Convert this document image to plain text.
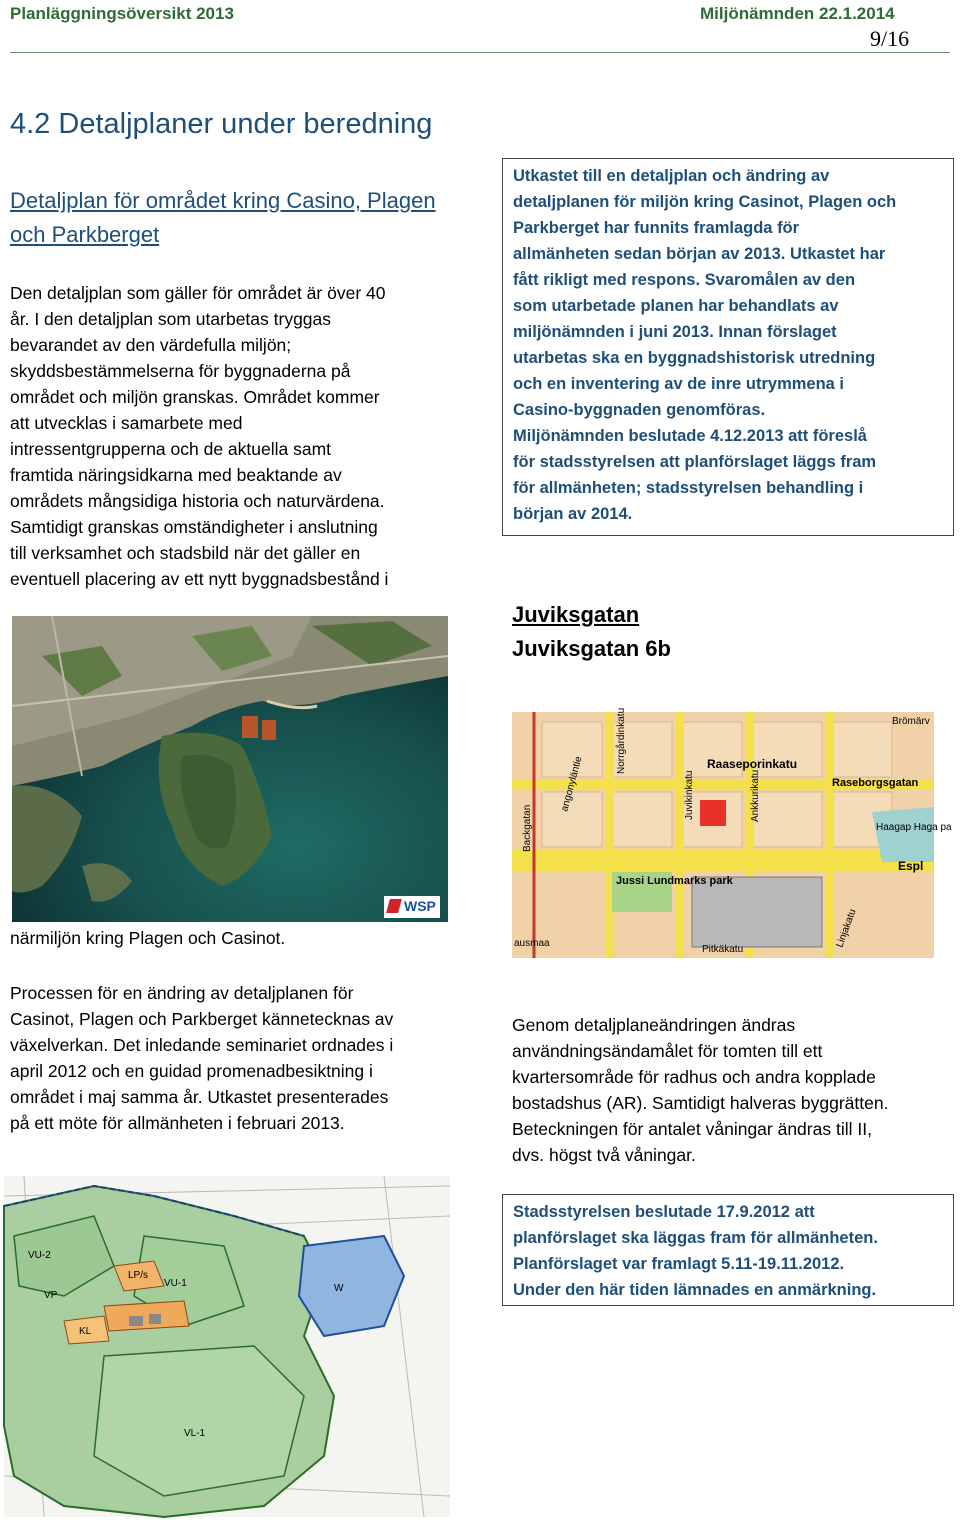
Planläggningsöversikt 2013	Miljönämnden 22.1.2014
9/16
4.2 Detaljplaner under beredning
Detaljplan för området kring Casino, Plagen och Parkberget
Den detaljplan som gäller för området är över 40
år. I den detaljplan som utarbetas tryggas
bevarandet av den värdefulla miljön;
skyddsbestämmelserna för byggnaderna på
området och miljön granskas. Området kommer
att utvecklas i samarbete med
intressentgrupperna och de aktuella samt
framtida näringsidkarna med beaktande av
områdets mångsidiga historia och naturvärdena.
Samtidigt granskas omständigheter i anslutning
till verksamhet och stadsbild när det gäller en
eventuell placering av ett nytt byggnadsbestånd i
WSP
närmiljön kring Plagen och Casinot.
Processen för en ändring av detaljplanen för
Casinot, Plagen och Parkberget kännetecknas av
växelverkan. Det inledande seminariet ordnades i
april 2012 och en guidad promenadbesiktning i
området i maj samma år. Utkastet presenterades
på ett möte för allmänheten i februari 2013.
VU-2
VP
LP/s
VU-1	W
KL
VL-1
Utkastet till en detaljplan och ändring av
detaljplanen för miljön kring Casinot, Plagen och
Parkberget har funnits framlagda för
allmänheten sedan början av 2013. Utkastet har
fått rikligt med respons. Svaromålen av den
som utarbetade planen har behandlats av
miljönämnden i juni 2013. Innan förslaget
utarbetas ska en byggnadshistorisk utredning
och en inventering av de inre utrymmena i
Casino-byggnaden genomföras.
Miljönämnden beslutade 4.12.2013 att föreslå
för stadsstyrelsen att planförslaget läggs fram
för allmänheten; stadsstyrelsen behandling i
början av 2014.
Juviksgatan
Juviksgatan 6b
Brömärv
Raaseporinkatu
Raseborgsgatan
Norrgårdinkatu
Juvikinkatu	Ankkurikatu
Backgatan
angonyläntie
Jussi Lundmarks park
Espl
Haagap Haga pa
Pitkäkatu
Linjakatu
ausmaa
Genom detaljplaneändringen ändras
användningsändamålet för tomten till ett
kvartersområde för radhus och andra kopplade
bostadshus (AR). Samtidigt halveras byggrätten.
Beteckningen för antalet våningar ändras till II,
dvs. högst två våningar.
Stadsstyrelsen beslutade 17.9.2012 att
planförslaget ska läggas fram för allmänheten.
Planförslaget var framlagt 5.11-19.11.2012.
Under den här tiden lämnades en anmärkning.
